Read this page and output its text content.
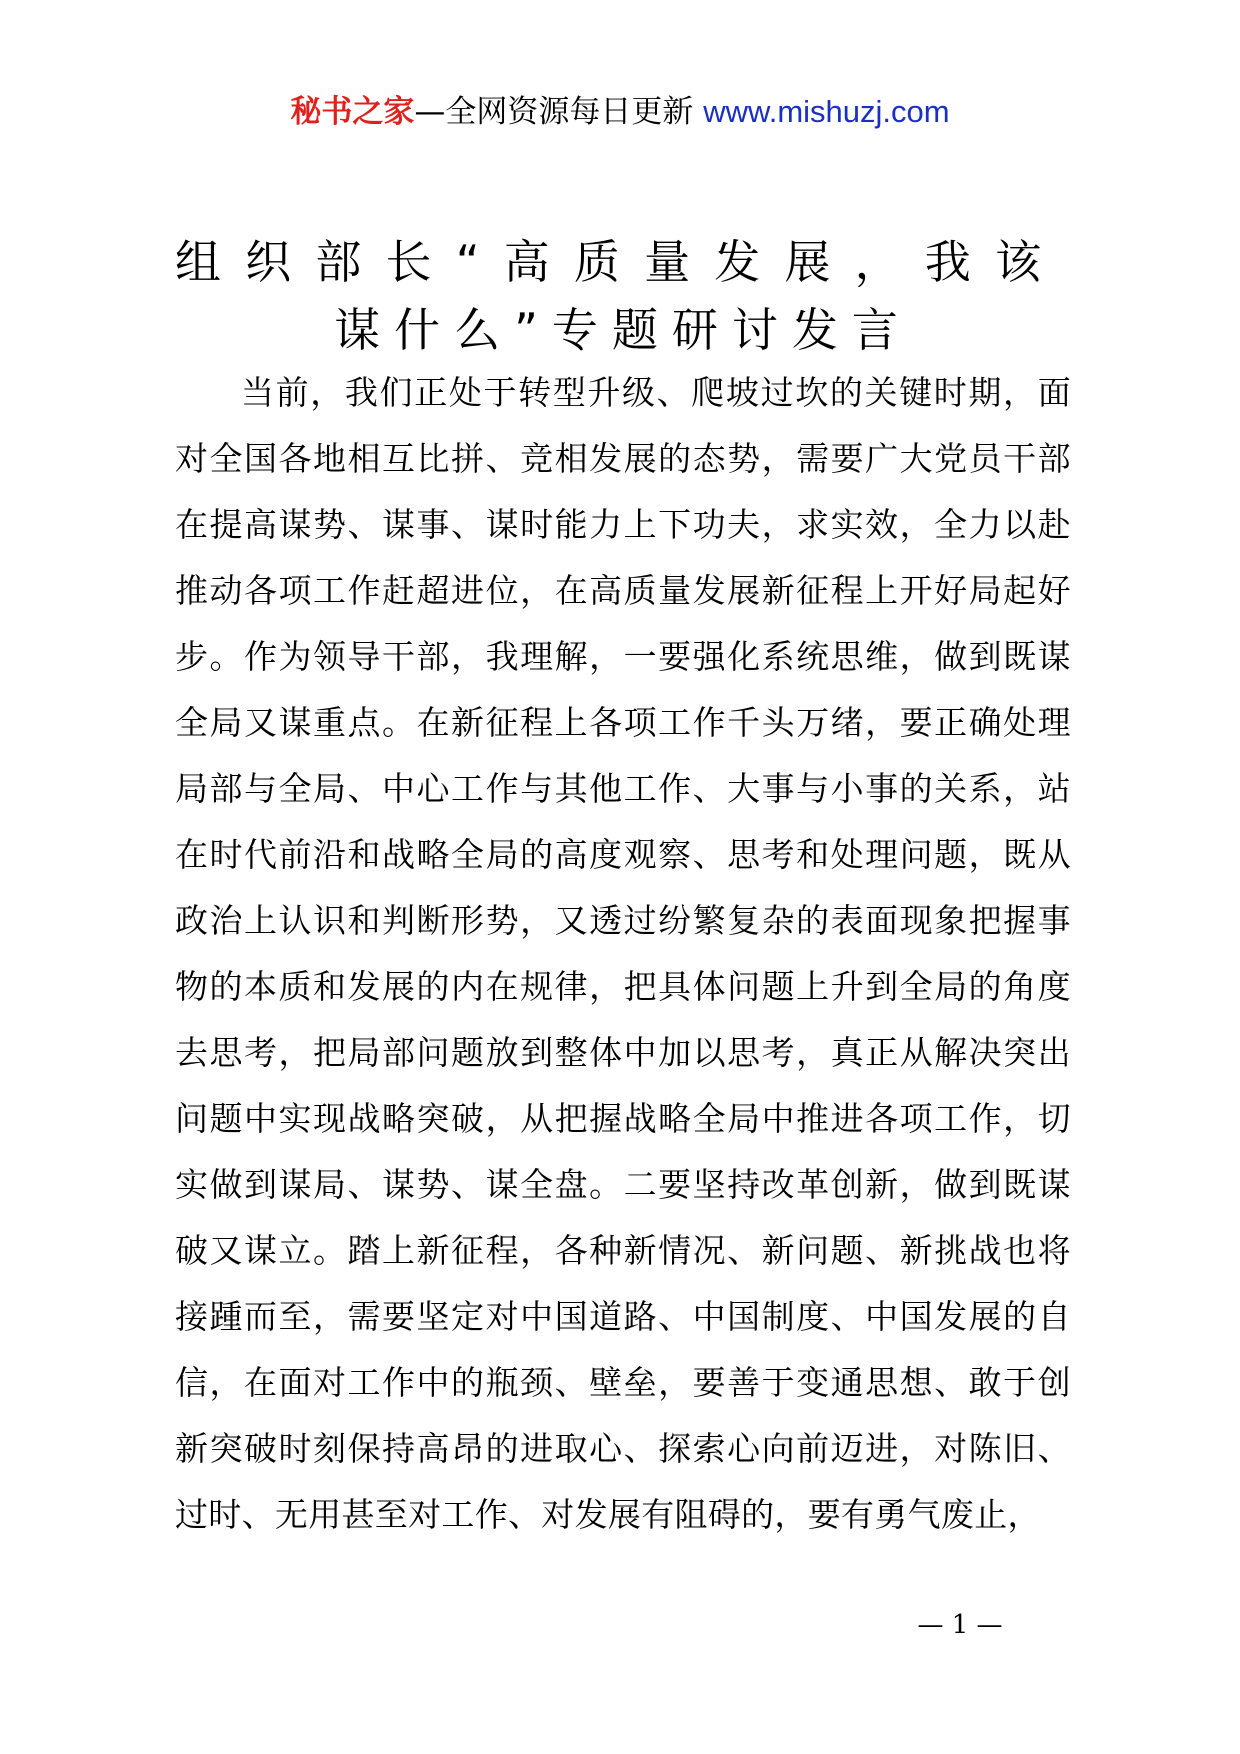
秘书之家—全网资源每日更新 www.mishuzj.com
组织部长“高质量发展，我该
谋什么”专题研讨发言

当前，我们正处于转型升级、爬坡过坎的关键时期，面对全国各地相互比拼、竞相发展的态势，需要广大党员干部在提高谋势、谋事、谋时能力上下功夫，求实效，全力以赴推动各项工作赶超进位，在高质量发展新征程上开好局起好步。作为领导干部，我理解，一要强化系统思维，做到既谋全局又谋重点。在新征程上各项工作千头万绪，要正确处理局部与全局、中心工作与其他工作、大事与小事的关系，站在时代前沿和战略全局的高度观察、思考和处理问题，既从政治上认识和判断形势，又透过纷繁复杂的表面现象把握事物的本质和发展的内在规律，把具体问题上升到全局的角度去思考，把局部问题放到整体中加以思考，真正从解决突出问题中实现战略突破，从把握战略全局中推进各项工作，切实做到谋局、谋势、谋全盘。二要坚持改革创新，做到既谋破又谋立。踏上新征程，各种新情况、新问题、新挑战也将接踵而至，需要坚定对中国道路、中国制度、中国发展的自信，在面对工作中的瓶颈、壁垒，要善于变通思想、敢于创新突破时刻保持高昂的进取心、探索心向前迈进，对陈旧、过时、无用甚至对工作、对发展有阻碍的，要有勇气废止，

— 1 —
